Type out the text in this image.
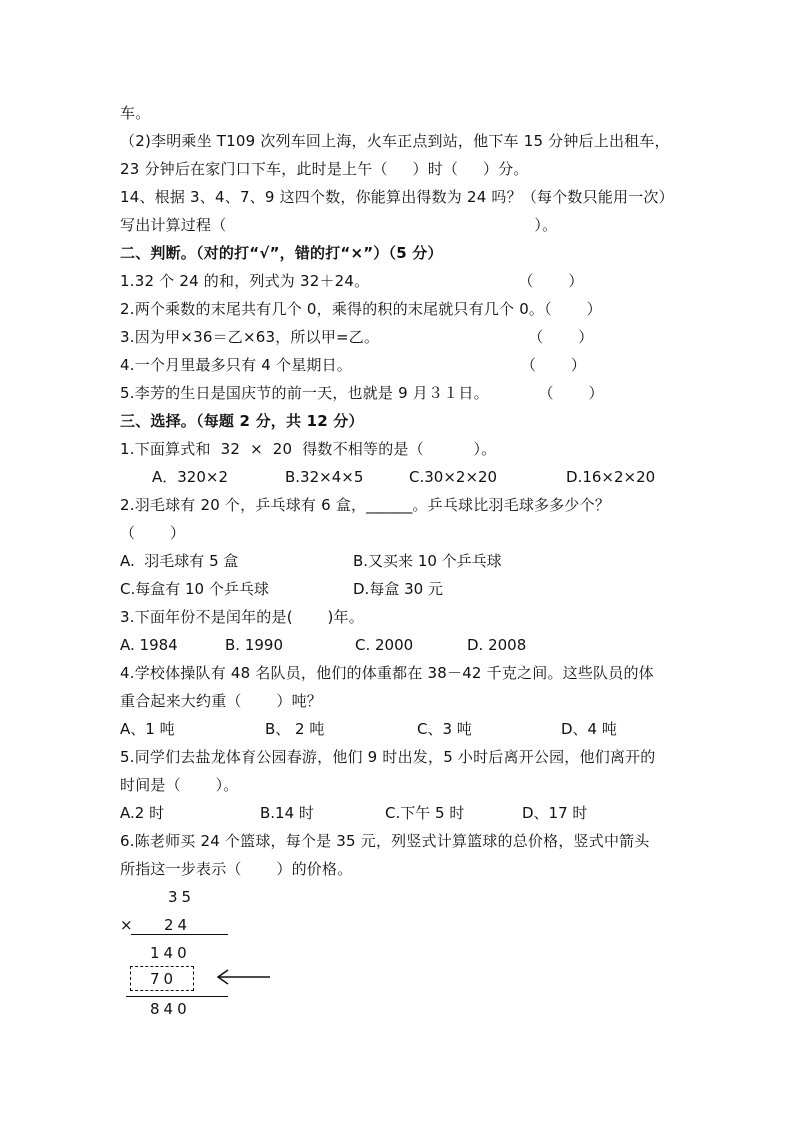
车。
（2)李明乘坐 T109 次列车回上海，火车正点到站，他下车 15 分钟后上出租车，
23 分钟后在家门口下车，此时是上午（     ）时（     ）分。
14、根据 3、4、7、9 这四个数，你能算出得数为 24 吗？（每个数只能用一次）
写出计算过程（                                                              ）。
二、判断。（对的打“√”，错的打“×”）（5 分）
1.32 个 24 的和，列式为 32＋24。                              （       ）
2.两个乘数的末尾共有几个 0，乘得的积的末尾就只有几个 0。（       ）
3.因为甲×36＝乙×63，所以甲=乙。                              （       ）
4.一个月里最多只有 4 个星期日。                                  （       ）
5.李芳的生日是国庆节的前一天，也就是 9 月３１日。          （       ）
三、选择。（每题 2 分，共 12 分）
1.下面算式和  32  ×  20  得数不相等的是（          ）。
A．320×2	B.32×4×5	C.30×2×20	D.16×2×20
2.羽毛球有 20 个，乒乓球有 6 盒，______。乒乓球比羽毛球多多少个？
（       ）
A.  羽毛球有 5 盒	B.又买来 10 个乒乓球
C.每盒有 10 个乒乓球	D.每盒 30 元
3.下面年份不是闰年的是(       )年。
A. 1984	B. 1990	C. 2000	D. 2008
4.学校体操队有 48 名队员，他们的体重都在 38－42 千克之间。这些队员的体
重合起来大约重（       ）吨？
A、1 吨	B、 2 吨	C、3 吨	D、4 吨
5.同学们去盐龙体育公园春游，他们 9 时出发，5 小时后离开公园，他们离开的
时间是（       ）。
A.2 时	B.14 时	C.下午 5 时	D、17 时
6.陈老师买 24 个篮球，每个是 35 元，列竖式计算篮球的总价格，竖式中箭头
所指这一步表示（       ）的价格。
35
× 24
140
70
840
